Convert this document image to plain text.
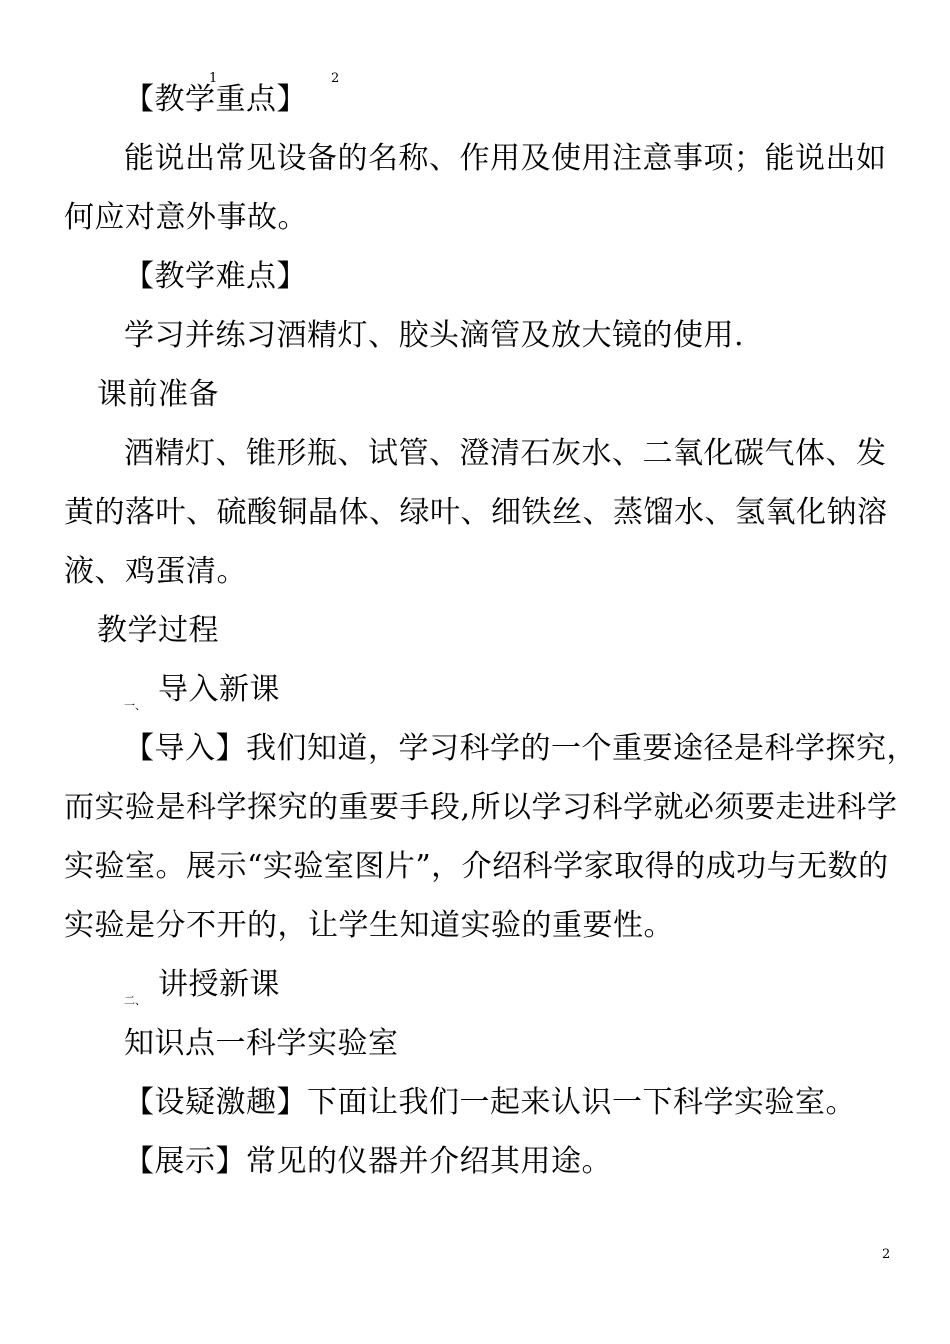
1	2

【教学重点】

能说出常见设备的名称、作用及使用注意事项；能说出如

何应对意外事故。

【教学难点】

学习并练习酒精灯、胶头滴管及放大镜的使用.

课前准备

酒精灯、锥形瓶、试管、澄清石灰水、二氧化碳气体、发

黄的落叶、硫酸铜晶体、绿叶、细铁丝、蒸馏水、氢氧化钠溶

液、鸡蛋清。

教学过程

一、 导入新课

【导入】我们知道，学习科学的一个重要途径是科学探究，

而实验是科学探究的重要手段,所以学习科学就必须要走进科学

实验室。展示“实验室图片”，介绍科学家取得的成功与无数的

实验是分不开的，让学生知道实验的重要性。

二、 讲授新课

知识点一科学实验室

【设疑激趣】下面让我们一起来认识一下科学实验室。

【展示】常见的仪器并介绍其用途。

2
